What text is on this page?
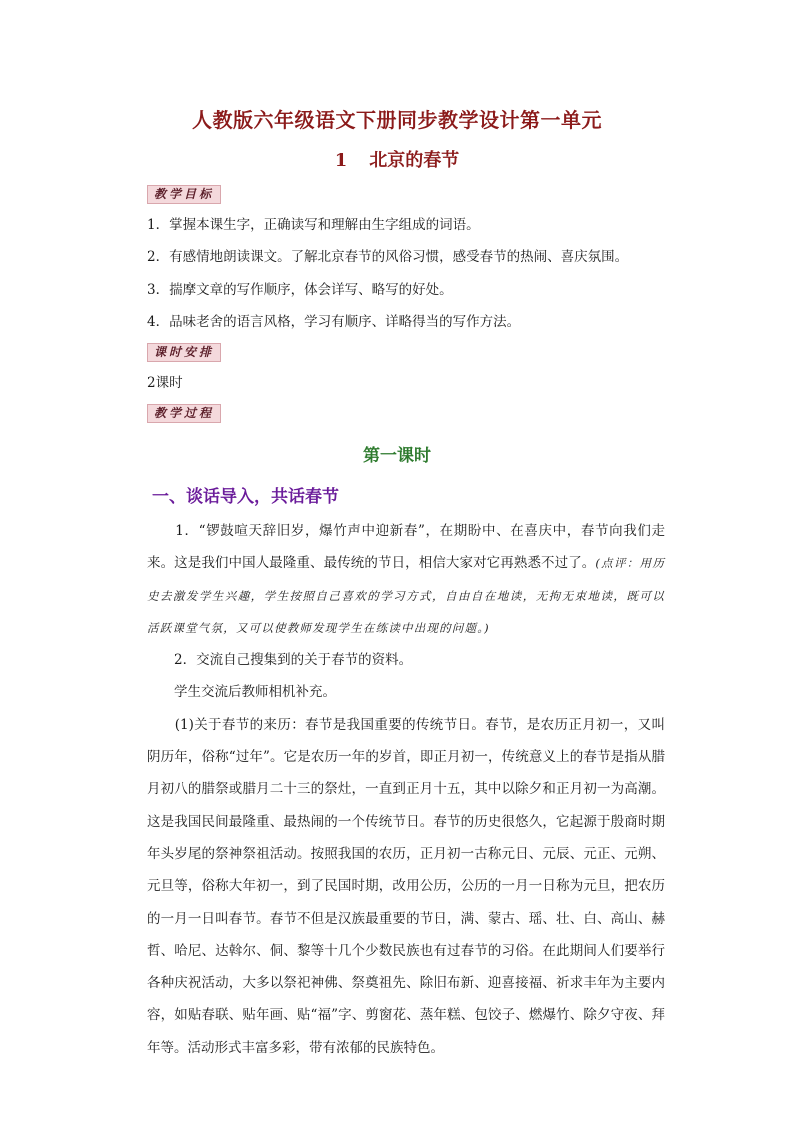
人教版六年级语文下册同步教学设计第一单元
1 北京的春节
教学目标
1．掌握本课生字，正确读写和理解由生字组成的词语。
2．有感情地朗读课文。了解北京春节的风俗习惯，感受春节的热闹、喜庆氛围。
3．揣摩文章的写作顺序，体会详写、略写的好处。
4．品味老舍的语言风格，学习有顺序、详略得当的写作方法。
课时安排
2课时
教学过程
第一课时
一、谈话导入，共话春节

　　1．“锣鼓喧天辞旧岁，爆竹声中迎新春”，在期盼中、在喜庆中，春节向我们走来。这是我们中国人最隆重、最传统的节日，相信大家对它再熟悉不过了。(点评：用历史去激发学生兴趣，学生按照自己喜欢的学习方式，自由自在地读，无拘无束地读，既可以活跃课堂气氛，又可以使教师发现学生在练读中出现的问题。)

　　2．交流自己搜集到的关于春节的资料。

　　学生交流后教师相机补充。

　　(1)关于春节的来历：春节是我国重要的传统节日。春节，是农历正月初一，又叫阴历年，俗称“过年”。它是农历一年的岁首，即正月初一，传统意义上的春节是指从腊月初八的腊祭或腊月二十三的祭灶，一直到正月十五，其中以除夕和正月初一为高潮。这是我国民间最隆重、最热闹的一个传统节日。春节的历史很悠久，它起源于殷商时期年头岁尾的祭神祭祖活动。按照我国的农历，正月初一古称元日、元辰、元正、元朔、元旦等，俗称大年初一，到了民国时期，改用公历，公历的一月一日称为元旦，把农历的一月一日叫春节。春节不但是汉族最重要的节日，满、蒙古、瑶、壮、白、高山、赫哲、哈尼、达斡尔、侗、黎等十几个少数民族也有过春节的习俗。在此期间人们要举行各种庆祝活动，大多以祭祀神佛、祭奠祖先、除旧布新、迎喜接福、祈求丰年为主要内容，如贴春联、贴年画、贴“福”字、剪窗花、蒸年糕、包饺子、燃爆竹、除夕守夜、拜年等。活动形式丰富多彩，带有浓郁的民族特色。
